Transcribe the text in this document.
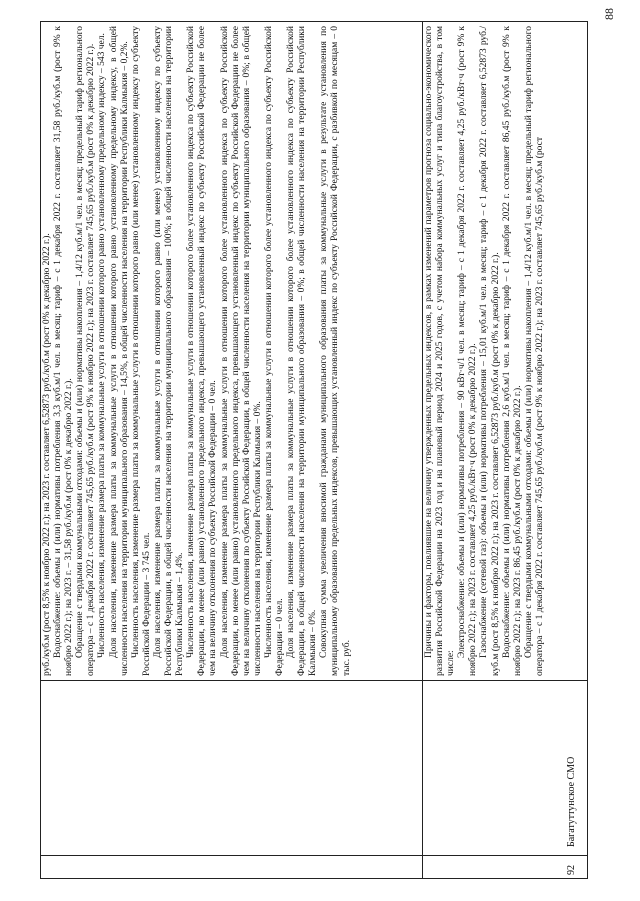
руб./куб.м (рост 8,5% к ноябрю 2022 г.); на 2023 г. составляет 6,52873 руб./куб.м (рост 0% к декабрю 2022 г.). Водоснабжение: объемы и (или) нормативы потребления 3,3 куб.м/1 чел. в месяц; тариф – с 1 декабря 2022 г. составляет 31,58 руб./куб.м (рост 9% к ноябрю 2022 г.); на 2023 г. – 31,58 руб./куб.м (рост 0% к декабрю 2022 г.). Обращение с твердыми коммунальными отходами: объемы и (или) нормативы накопления – 1,4/12 куб.м/1 чел. в месяц; предельный тариф регионального оператора – с 1 декабря 2022 г. составляет 745,65 руб./куб.м (рост 9% к ноябрю 2022 г.); на 2023 г. составляет 745,65 руб./куб.м (рост 0% к декабрю 2022 г.). Численность населения, изменение размера платы за коммунальные услуги в отношении которого равно установленному предельному индексу – 543 чел. Доля населения, изменение размера платы за коммунальные услуги в отношении которого равно установленному предельному индексу, в общей численности населения на территории муниципального образования – 14,5%, в общей численности населения на территории Республики Калмыкия – 0,2%. Численность населения, изменение размера платы за коммунальные услуги в отношении которого равно (или менее) установленному индексу по субъекту Российской Федерации – 3 745 чел. Доля населения, изменение размера платы за коммунальные услуги в отношении которого равно (или менее) установленному индексу по субъекту Российской Федерации, в общей численности населения на территории муниципального образования – 100%; в общей численности населения на территории Республики Калмыкия – 1,4%. Численность населения, изменение размера платы за коммунальные услуги в отношении которого более установленного индекса по субъекту Российской Федерации, но менее (или равно) установленного предельного индекса, превышающего установленный индекс по субъекту Российской Федерации не более чем на величину отклонения по субъекту Российской Федерации – 0 чел. Доля населения, изменение размера платы за коммунальные услуги в отношении которого более установленного индекса по субъекту Российской Федерации, но менее (или равно) установленного предельного индекса, превышающего установленный индекс по субъекту Российской Федерации не более чем на величину отклонения по субъекту Российской Федерации, в общей численности населения на территории муниципального образования – 0%; в общей численности населения на территории Республики Калмыкия – 0%. Численность населения, изменение размера платы за коммунальные услуги в отношении которого более установленного индекса по субъекту Российской Федерации – 0 чел. Доля населения, изменение размера платы за коммунальные услуги в отношении которого более установленного индекса по субъекту Российской Федерации, в общей численности населения на территории муниципального образования – 0%; в общей численности населения на территории Республики Калмыкия – 0%. Совокупная сумма увеличения вносимой гражданами муниципального образования платы за коммунальные услуги в результате установления по муниципальному образованию предельных индексов, превышающих установленный индекс по субъекту Российской Федерации, с разбивкой по месяцам – 0 тыс. руб.

92
Багатуттунское СМО

Причины и факторы, повлиявшие на величину утвержденных предельных индексов, в рамках изменений параметров прогноза социально-экономического развития Российской Федерации на 2023 год и на плановый период 2024 и 2025 годов, с учетом набора коммунальных услуг и типа благоустройства, в том числе:

Электроснабжение: объемы и (или) нормативы потребления – 90 кВт·ч/1 чел. в месяц; тариф – с 1 декабря 2022 г. составляет 4,25 руб./кВт·ч (рост 9% к ноябрю 2022 г.); на 2023 г. составляет 4,25 руб./кВт·ч (рост 0% к декабрю 2022 г.). Газоснабжение (сетевой газ): объемы и (или) нормативы потребления – 15,01 куб.м/1 чел. в месяц; тариф – с 1 декабря 2022 г. составляет 6,52873 руб./куб.м (рост 8,5% к ноябрю 2022 г.); на 2023 г. составляет 6,52873 руб./куб.м (рост 0% к декабрю 2022 г.). Водоснабжение: объемы и (или) нормативы потребления 2,6 куб.м/1 чел. в месяц; тариф – с 1 декабря 2022 г. составляет 86,45 руб./куб.м (рост 9% к ноябрю 2022 г.); на 2023 г. 86,45 руб./куб.м (рост 0% к декабрю 2022 г.). Обращение с твердыми коммунальными отходами: объемы и (или) нормативы накопления – 1,4/12 куб.м/1 чел. в месяц; предельный тариф регионального оператора – с 1 декабря 2022 г. составляет 745,65 руб./куб.м (рост 9% к ноябрю 2022 г.); на 2023 г. составляет 745,65 руб./куб.м (рост

88
